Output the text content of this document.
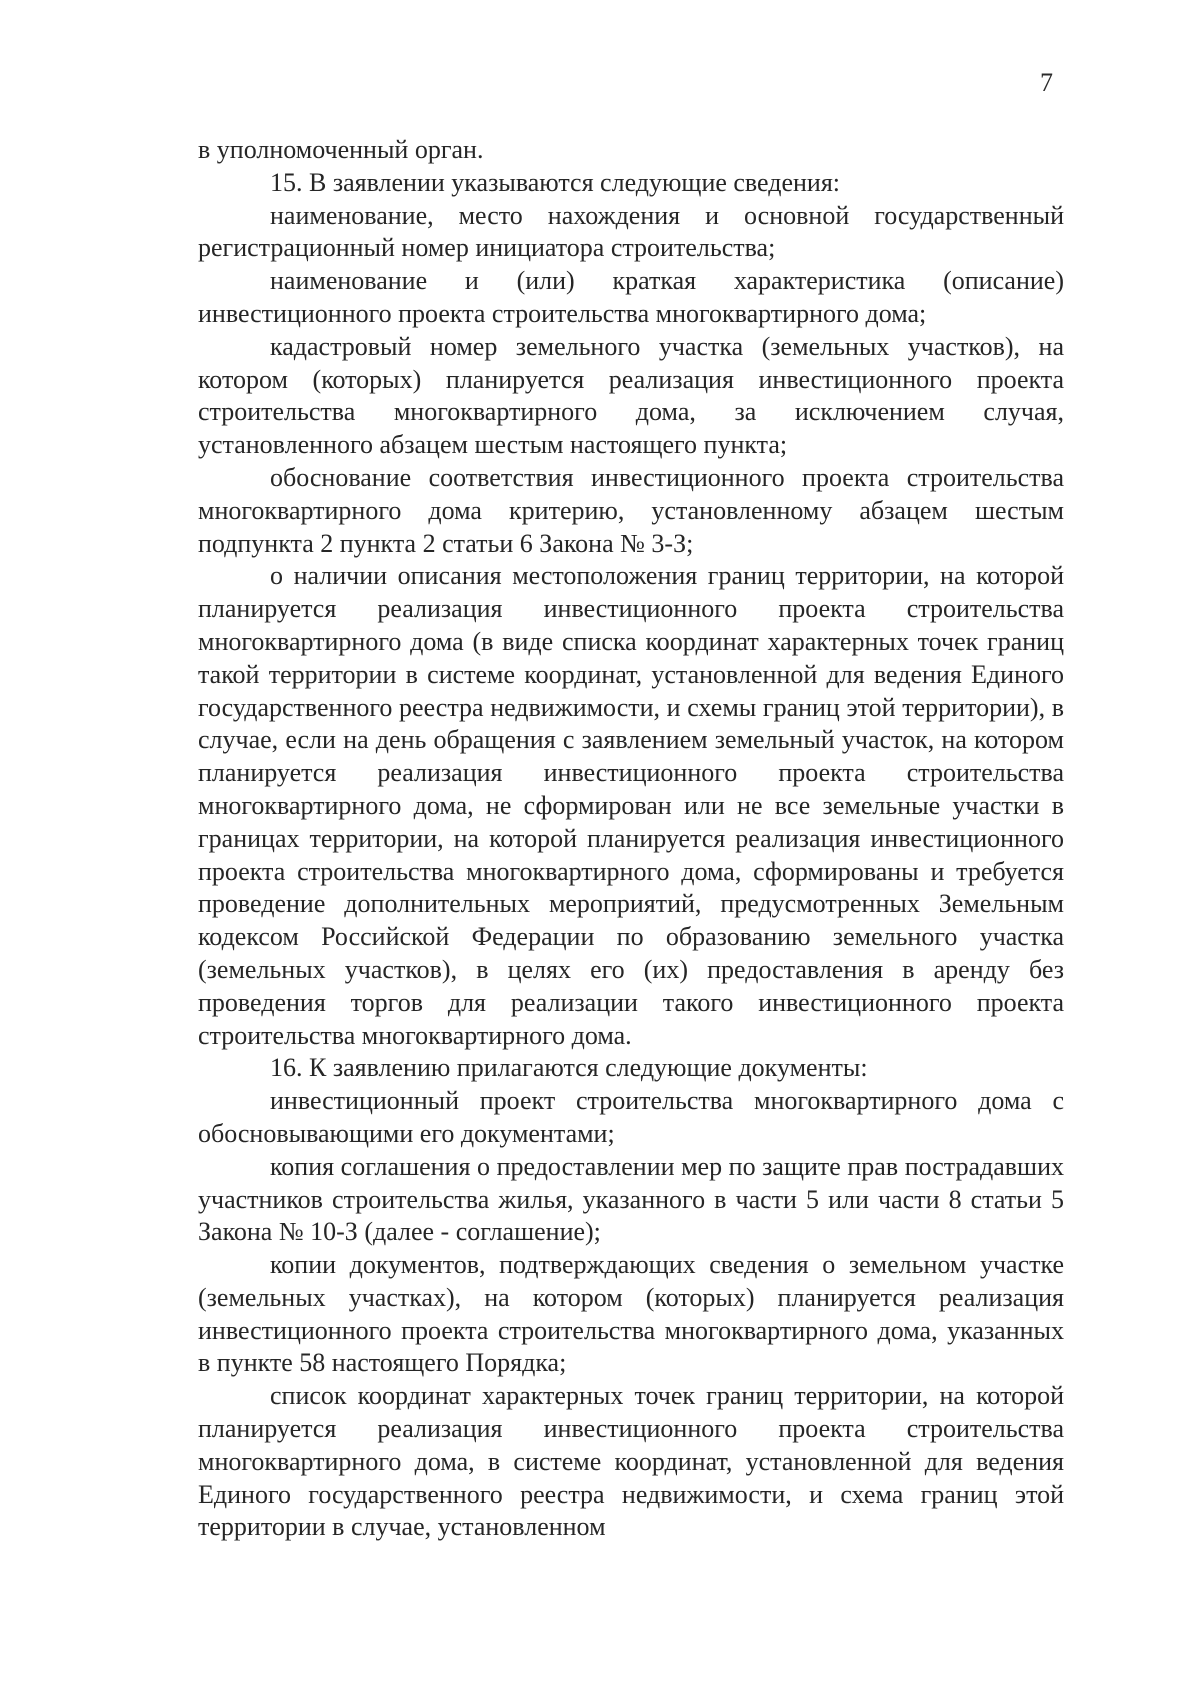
7

в уполномоченный орган.

15. В заявлении указываются следующие сведения:

наименование, место нахождения и основной государственный регистрационный номер инициатора строительства;

наименование и (или) краткая характеристика (описание) инвестиционного проекта строительства многоквартирного дома;

кадастровый номер земельного участка (земельных участков), на котором (которых) планируется реализация инвестиционного проекта строительства многоквартирного дома, за исключением случая, установленного абзацем шестым настоящего пункта;

обоснование соответствия инвестиционного проекта строительства многоквартирного дома критерию, установленному абзацем шестым подпункта 2 пункта 2 статьи 6 Закона № 3-З;

о наличии описания местоположения границ территории, на которой планируется реализация инвестиционного проекта строительства многоквартирного дома (в виде списка координат характерных точек границ такой территории в системе координат, установленной для ведения Единого государственного реестра недвижимости, и схемы границ этой территории), в случае, если на день обращения с заявлением земельный участок, на котором планируется реализация инвестиционного проекта строительства многоквартирного дома, не сформирован или не все земельные участки в границах территории, на которой планируется реализация инвестиционного проекта строительства многоквартирного дома, сформированы и требуется проведение дополнительных мероприятий, предусмотренных Земельным кодексом Российской Федерации по образованию земельного участка (земельных участков), в целях его (их) предоставления в аренду без проведения торгов для реализации такого инвестиционного проекта строительства многоквартирного дома.

16. К заявлению прилагаются следующие документы:

инвестиционный проект строительства многоквартирного дома с обосновывающими его документами;

копия соглашения о предоставлении мер по защите прав пострадавших участников строительства жилья, указанного в части 5 или части 8 статьи 5 Закона № 10-З (далее - соглашение);

копии документов, подтверждающих сведения о земельном участке (земельных участках), на котором (которых) планируется реализация инвестиционного проекта строительства многоквартирного дома, указанных в пункте 58 настоящего Порядка;

список координат характерных точек границ территории, на которой планируется реализация инвестиционного проекта строительства многоквартирного дома, в системе координат, установленной для ведения Единого государственного реестра недвижимости, и схема границ этой территории в случае, установленном
